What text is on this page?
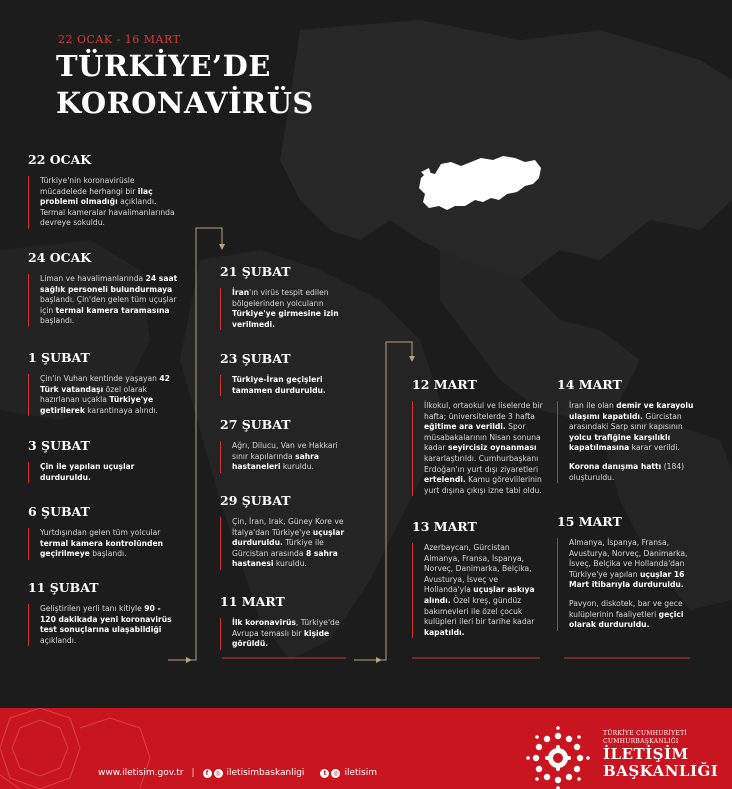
22 OCAK - 16 MART
TÜRKİYE’DE
KORONAVİRÜS
22 OCAK

Türkiye'nin koronavirüsle mücadelede herhangi bir ilaç problemi olmadığı açıklandı. Termal kameralar havalimanlarında devreye sokuldu.

24 OCAK

Liman ve havalimanlarında 24 saat sağlık personeli bulundurmaya başlandı. Çin'den gelen tüm uçuşlar için termal kamera taramasına başlandı.

1 ŞUBAT

Çin'in Vuhan kentinde yaşayan 42 Türk vatandaşı özel olarak hazırlanan uçakla Türkiye'ye getirilerek karantinaya alındı.

3 ŞUBAT

Çin ile yapılan uçuşlar durduruldu.

6 ŞUBAT

Yurtdışından gelen tüm yolcular termal kamera kontrolünden geçirilmeye başlandı.

11 ŞUBAT

Geliştirilen yerli tanı kitiyle 90 - 120 dakikada yeni koronavirüs test sonuçlarına ulaşabildiği açıklandı.

21 ŞUBAT

İran'ın virüs tespit edilen bölgelerinden yolcuların Türkiye'ye girmesine izin verilmedi.

23 ŞUBAT

Türkiye-İran geçişleri tamamen durduruldu.

27 ŞUBAT

Ağrı, Dilucu, Van ve Hakkari sınır kapılarında sahra hastaneleri kuruldu.

29 ŞUBAT

Çin, İran, Irak, Güney Kore ve İtalya'dan Türkiye'ye uçuşlar durduruldu. Türkiye ile Gürcistan arasında 8 sahra hastanesi kuruldu.

11 MART

İlk koronavirüs, Türkiye'de Avrupa temaslı bir kişide görüldü.

12 MART

İlkokul, ortaokul ve liselerde bir hafta; üniversitelerde 3 hafta eğitime ara verildi. Spor müsabakalarının Nisan sonuna kadar seyircisiz oynanması kararlaştırıldı. Cumhurbaşkanı Erdoğan'ın yurt dışı ziyaretleri ertelendi. Kamu görevlilerinin yurt dışına çıkışı izne tabi oldu.

13 MART

Azerbaycan, Gürcistan Almanya, Fransa, İspanya, Norveç, Danimarka, Belçika, Avusturya, İsveç ve Hollanda'yla uçuşlar askıya alındı. Özel kreş, gündüz bakımevleri ile özel çocuk kulüpleri ileri bir tarihe kadar kapatıldı.

14 MART

İran ile olan demir ve karayolu ulaşımı kapatıldı. Gürcistan arasındaki Sarp sınır kapısının yolcu trafiğine karşılıklı kapatılmasına karar verildi.

Korona danışma hattı (184) oluşturuldu.

15 MART

Almanya, İspanya, Fransa, Avusturya, Norveç, Danimarka, İsveç, Belçika ve Hollanda'dan Türkiye'ye yapılan uçuşlar 16 Mart itibarıyla durduruldu.

Pavyon, diskotek, bar ve gece kulüplerinin faaliyetleri geçici olarak durduruldu.

www.iletisim.gov.tr |	f	◎ iletisimbaskanligi	t	◎ iletisim
TÜRKİYE CUMHURİYETİ
CUMHURBAŞKANLIĞI
İLETİŞİM
BAŞKANLIĞI
